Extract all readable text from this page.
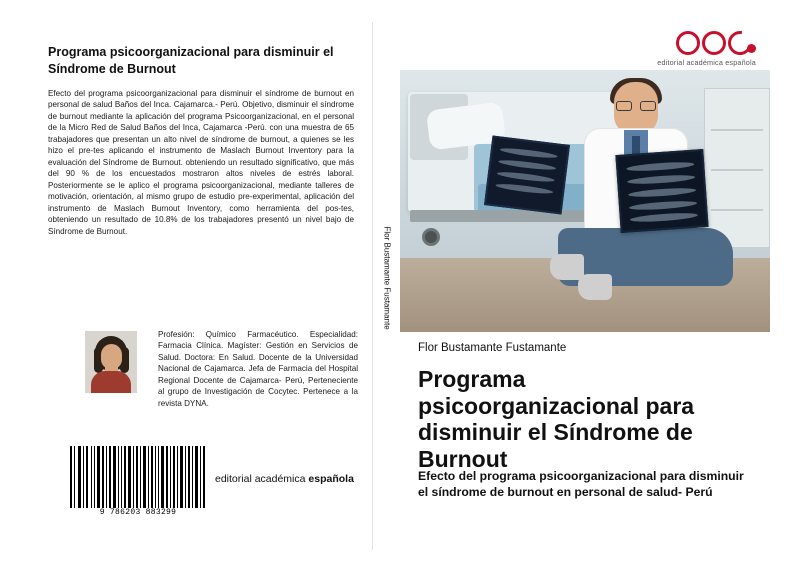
Programa psicoorganizacional para disminuir el Síndrome de Burnout
Efecto del programa psicoorganizacional para disminuir el síndrome de burnout en personal de salud Baños del Inca. Cajamarca.- Perú. Objetivo, disminuir el síndrome de burnout mediante la aplicación del programa Psicoorganizacional, en el personal de la Micro Red de Salud Baños del Inca, Cajamarca -Perú. con una muestra de 65 trabajadores que presentan un alto nivel de síndrome de burnout, a quienes se les hizo el pre-tes aplicando el instrumento de Maslach Burnout Inventory para la evaluación del Síndrome de Burnout. obteniendo un resultado significativo, que más del 90 % de los encuestados mostraron altos niveles de estrés laboral. Posteriormente se le aplico el programa psicoorganizacional, mediante talleres de motivación, orientación, al mismo grupo de estudio pre-experimental, aplicación del instrumento de Maslach Burnout Inventory, como herramienta del pos-tes, obteniendo un resultado de 10.8% de los trabajadores presentó un nivel bajo de Síndrome de Burnout.
Profesión: Químico Farmacéutico. Especialidad: Farmacia Clínica. Magíster: Gestión en Servicios de Salud. Doctora: En Salud. Docente de la Universidad Nacional de Cajamarca. Jefa de Farmacia del Hospital Regional Docente de Cajamarca- Perú, Perteneciente al grupo de Investigación de Cocytec. Pertenece a la revista DYNA.
9 786203 883299
editorial académica española
Flor Bustamante Fustamante
editorial académica española
Flor Bustamante Fustamante
Programa psicoorganizacional para disminuir el Síndrome de Burnout
Efecto del programa psicoorganizacional para disminuir el síndrome de burnout en personal de salud- Perú
